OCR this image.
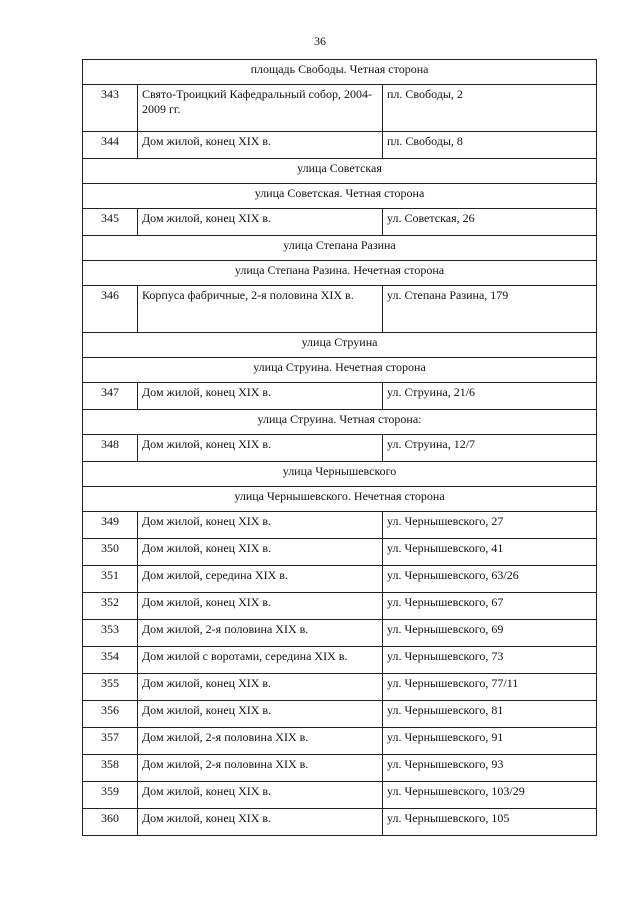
36
площадь Свободы. Четная сторона		
343	Свято-Троицкий Кафедральный собор, 2004-2009 гг.	пл. Свободы, 2
344	Дом жилой, конец XIX в.	пл. Свободы, 8
улица Советская		
улица Советская. Четная сторона		
345	Дом жилой, конец XIX в.	ул. Советская, 26
улица Степана Разина		
улица Степана Разина. Нечетная сторона		
346	Корпуса фабричные, 2-я половина XIX в.	ул. Степана Разина, 179
улица Струина		
улица Струина. Нечетная сторона		
347	Дом жилой, конец XIX в.	ул. Струина, 21/6
улица Струина. Четная сторона:		
348	Дом жилой, конец XIX в.	ул. Струина, 12/7
улица Чернышевского		
улица Чернышевского. Нечетная сторона		
349	Дом жилой, конец XIX в.	ул. Чернышевского, 27
350	Дом жилой, конец XIX в.	ул. Чернышевского, 41
351	Дом жилой, середина XIX в.	ул. Чернышевского, 63/26
352	Дом жилой, конец XIX в.	ул. Чернышевского, 67
353	Дом жилой, 2-я половина XIX в.	ул. Чернышевского, 69
354	Дом жилой с воротами, середина XIX в.	ул. Чернышевского, 73
355	Дом жилой, конец XIX в.	ул. Чернышевского, 77/11
356	Дом жилой, конец XIX в.	ул. Чернышевского, 81
357	Дом жилой, 2-я половина XIX в.	ул. Чернышевского, 91
358	Дом жилой, 2-я половина XIX в.	ул. Чернышевского, 93
359	Дом жилой, конец XIX в.	ул. Чернышевского, 103/29
360	Дом жилой, конец XIX в.	ул. Чернышевского, 105
